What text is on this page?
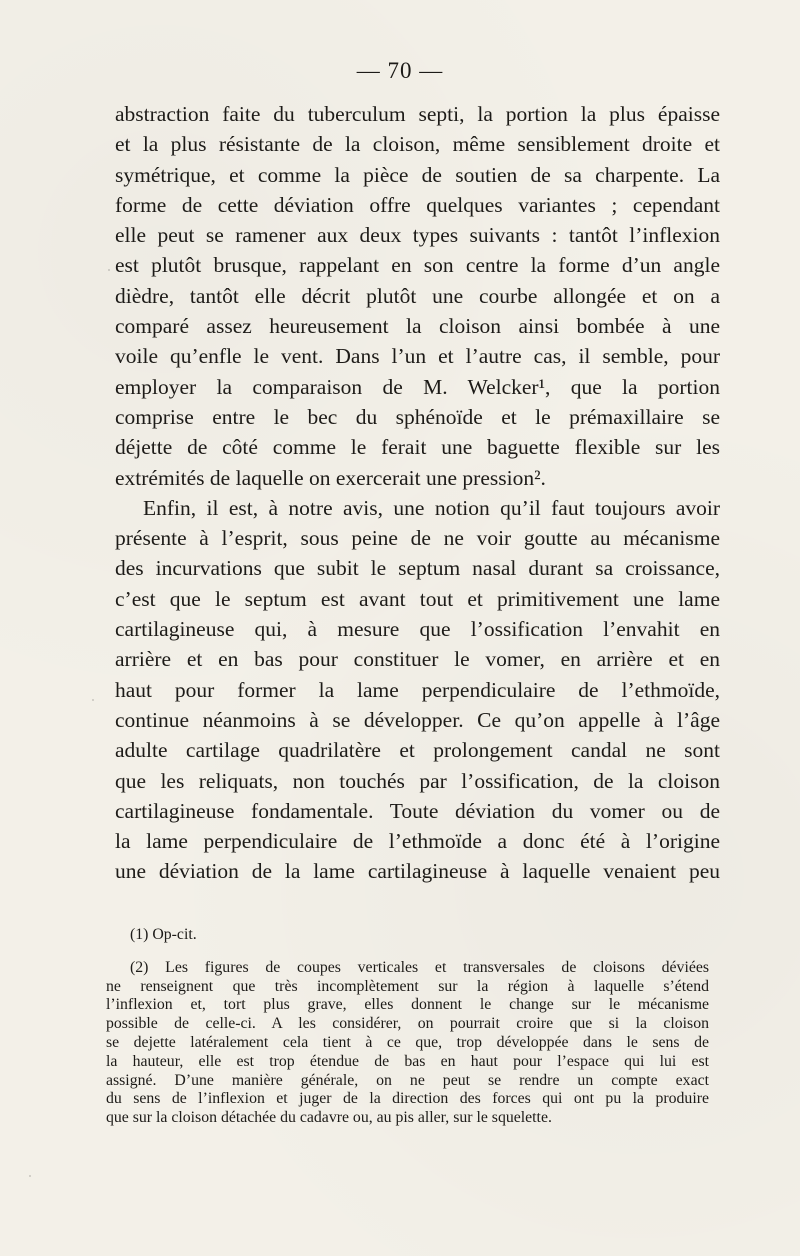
— 70 —
abstraction faite du tuberculum septi, la portion la plus épaisse
et la plus résistante de la cloison, même sensiblement droite et
symétrique, et comme la pièce de soutien de sa charpente. La
forme de cette déviation offre quelques variantes ; cependant
elle peut se ramener aux deux types suivants : tantôt l’inflexion
est plutôt brusque, rappelant en son centre la forme d’un angle
dièdre, tantôt elle décrit plutôt une courbe allongée et on a
comparé assez heureusement la cloison ainsi bombée à une
voile qu’enfle le vent. Dans l’un et l’autre cas, il semble, pour
employer la comparaison de M. Welcker¹, que la portion
comprise entre le bec du sphénoïde et le prémaxillaire se
déjette de côté comme le ferait une baguette flexible sur les
extrémités de laquelle on exercerait une pression².
Enfin, il est, à notre avis, une notion qu’il faut toujours avoir
présente à l’esprit, sous peine de ne voir goutte au mécanisme
des incurvations que subit le septum nasal durant sa croissance,
c’est que le septum est avant tout et primitivement une lame
cartilagineuse qui, à mesure que l’ossification l’envahit en
arrière et en bas pour constituer le vomer, en arrière et en
haut pour former la lame perpendiculaire de l’ethmoïde,
continue néanmoins à se développer. Ce qu’on appelle à l’âge
adulte cartilage quadrilatère et prolongement candal ne sont
que les reliquats, non touchés par l’ossification, de la cloison
cartilagineuse fondamentale. Toute déviation du vomer ou de
la lame perpendiculaire de l’ethmoïde a donc été à l’origine
une déviation de la lame cartilagineuse à laquelle venaient peu
(1) Op-cit.
(2) Les figures de coupes verticales et transversales de cloisons déviées
ne renseignent que très incomplètement sur la région à laquelle s’étend
l’inflexion et, tort plus grave, elles donnent le change sur le mécanisme
possible de celle-ci. A les considérer, on pourrait croire que si la cloison
se dejette latéralement cela tient à ce que, trop développée dans le sens de
la hauteur, elle est trop étendue de bas en haut pour l’espace qui lui est
assigné. D’une manière générale, on ne peut se rendre un compte exact
du sens de l’inflexion et juger de la direction des forces qui ont pu la produire
que sur la cloison détachée du cadavre ou, au pis aller, sur le squelette.
